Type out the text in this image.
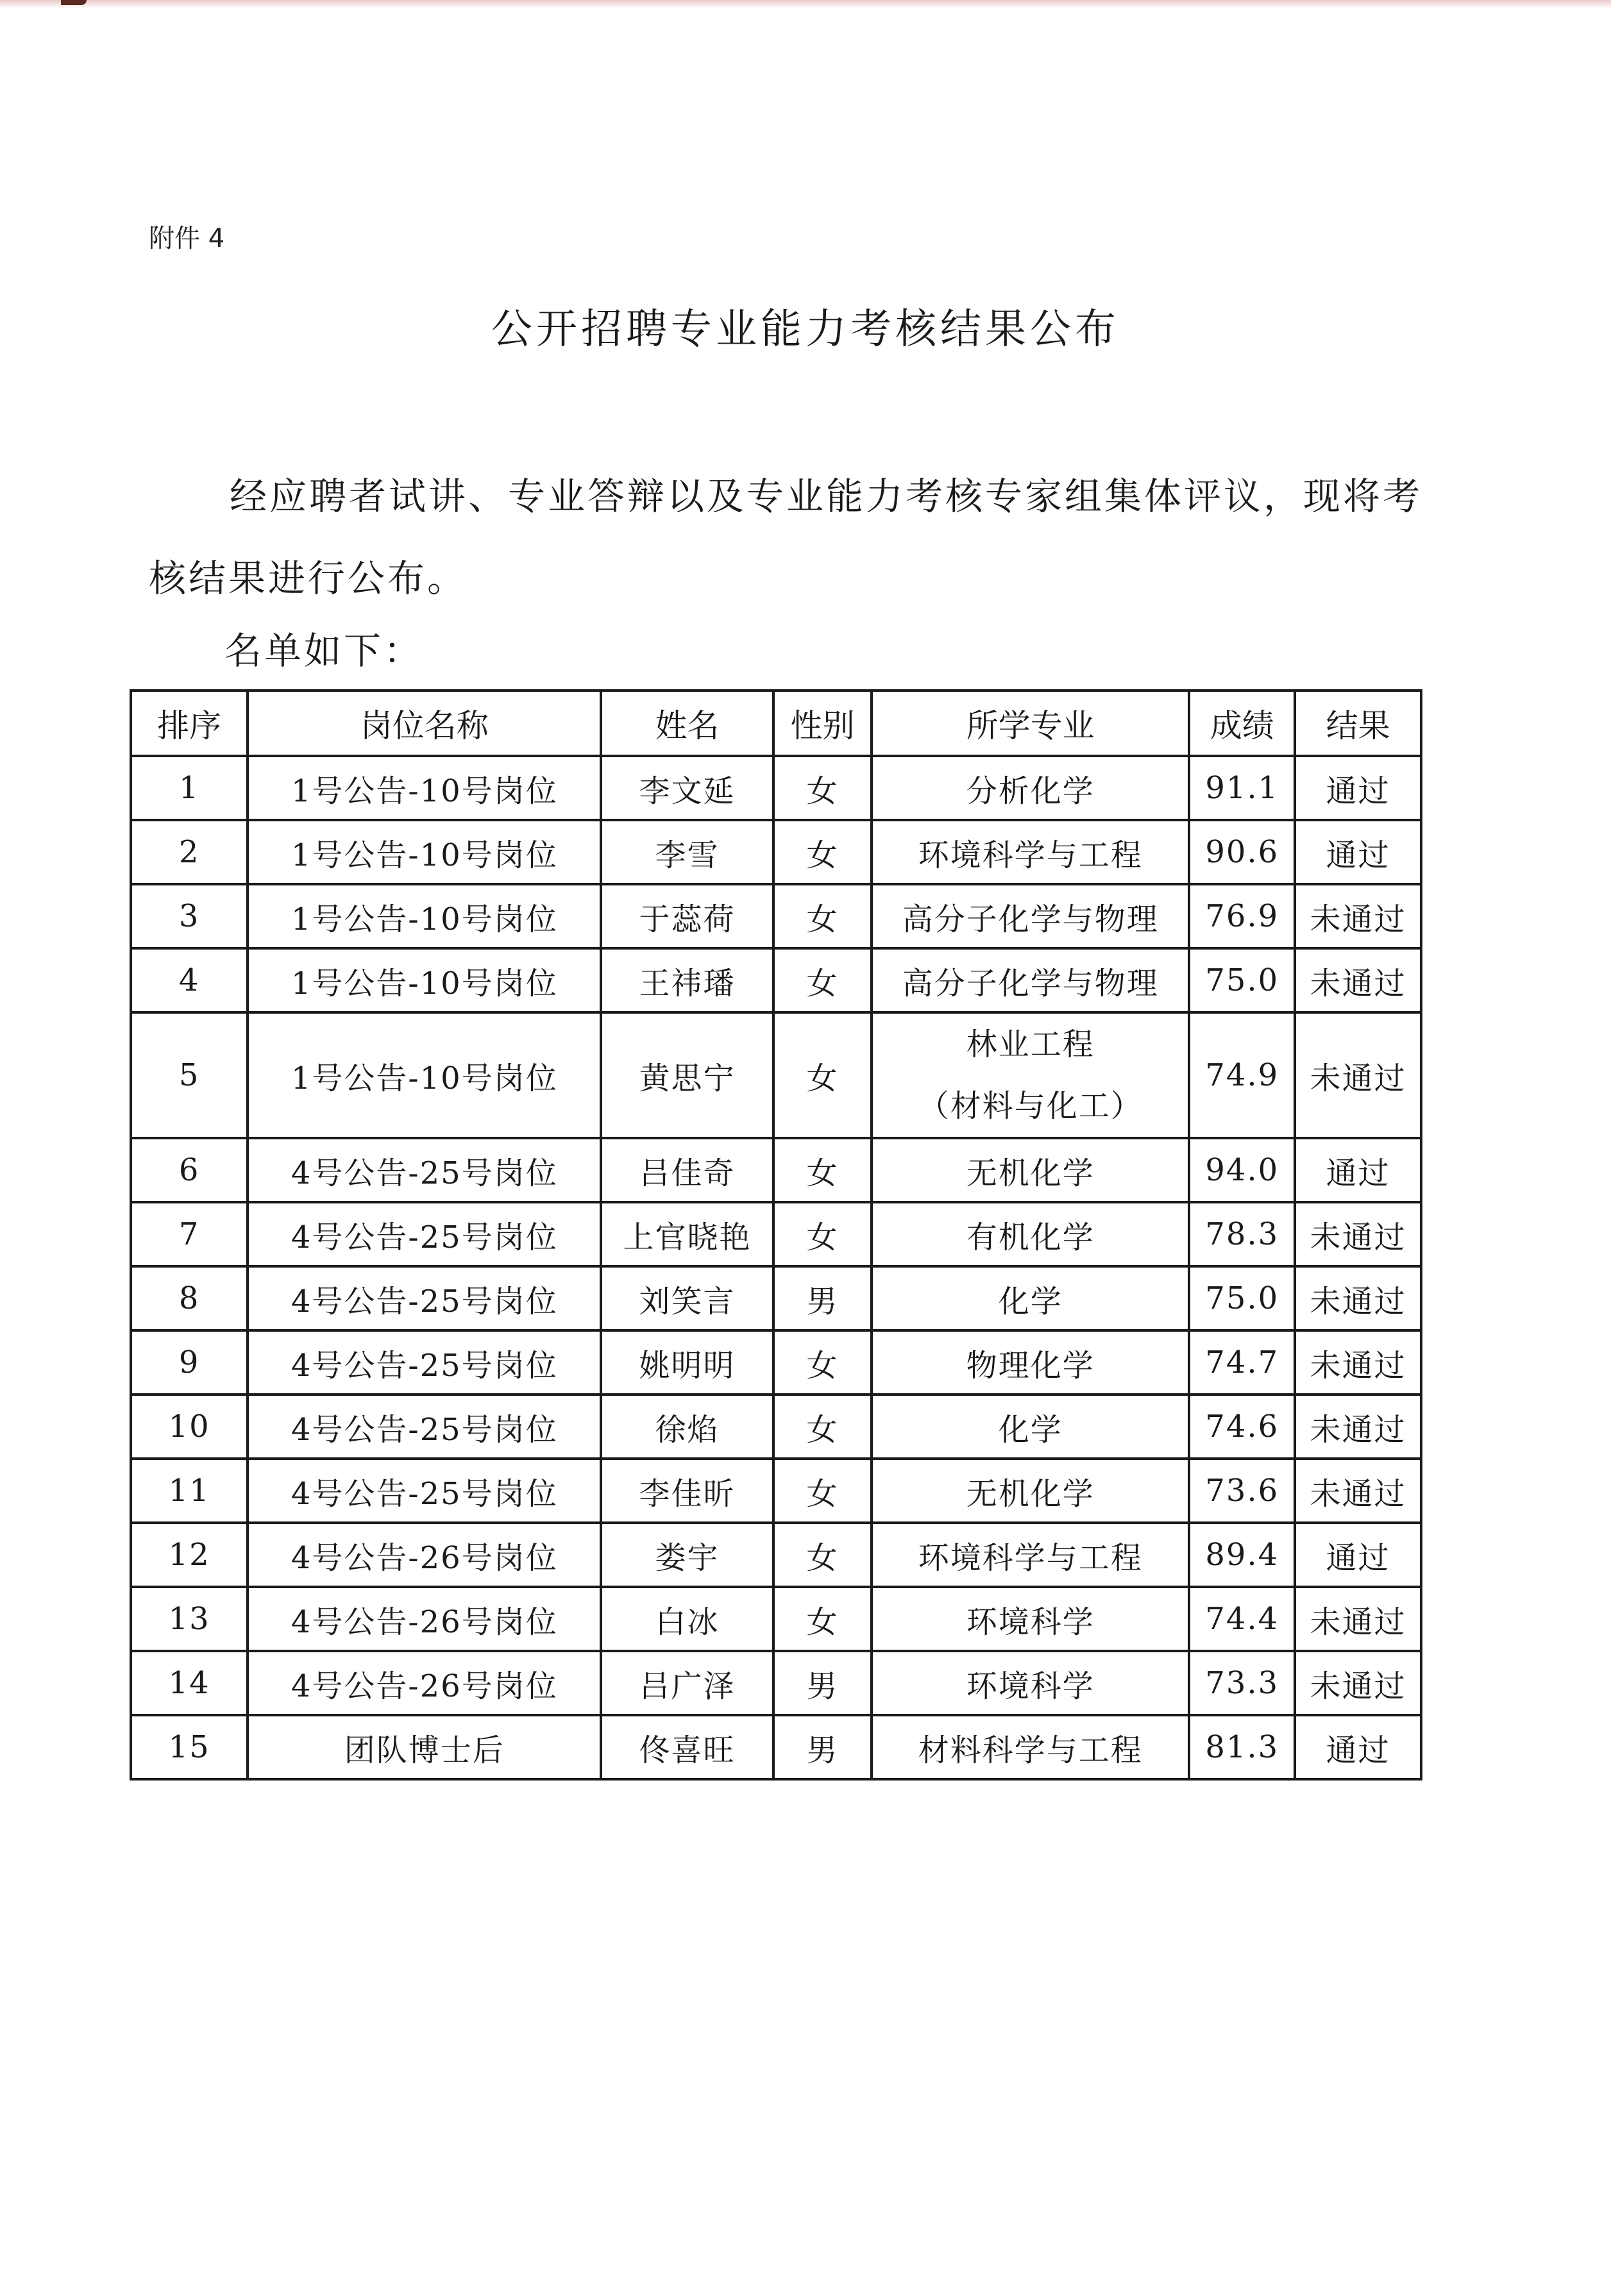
附件 4
公开招聘专业能力考核结果公布
经应聘者试讲、专业答辩以及专业能力考核专家组集体评议，现将考核结果进行公布。
名单如下：
排序	岗位名称	姓名	性别	所学专业	成绩	结果
1	1号公告-10号岗位	李文延	女	分析化学	91.1	通过
2	1号公告-10号岗位	李雪	女	环境科学与工程	90.6	通过
3	1号公告-10号岗位	于蕊荷	女	高分子化学与物理	76.9	未通过
4	1号公告-10号岗位	王祎璠	女	高分子化学与物理	75.0	未通过
5	1号公告-10号岗位	黄思宁	女	林业工程
（材料与化工）	74.9	未通过
6	4号公告-25号岗位	吕佳奇	女	无机化学	94.0	通过
7	4号公告-25号岗位	上官晓艳	女	有机化学	78.3	未通过
8	4号公告-25号岗位	刘笑言	男	化学	75.0	未通过
9	4号公告-25号岗位	姚明明	女	物理化学	74.7	未通过
10	4号公告-25号岗位	徐焰	女	化学	74.6	未通过
11	4号公告-25号岗位	李佳昕	女	无机化学	73.6	未通过
12	4号公告-26号岗位	娄宇	女	环境科学与工程	89.4	通过
13	4号公告-26号岗位	白冰	女	环境科学	74.4	未通过
14	4号公告-26号岗位	吕广泽	男	环境科学	73.3	未通过
15	团队博士后	佟喜旺	男	材料科学与工程	81.3	通过
